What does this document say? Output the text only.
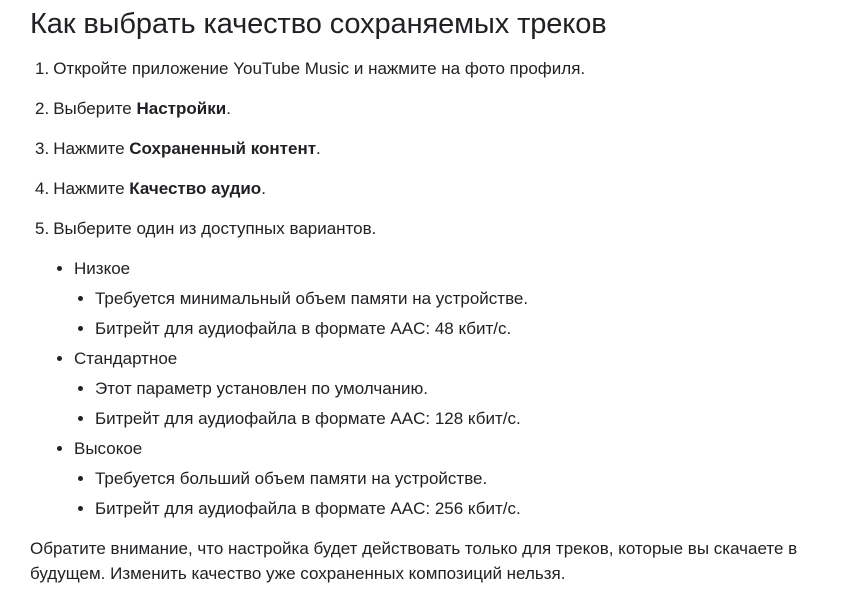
Как выбрать качество сохраняемых треков
1. Откройте приложение YouTube Music и нажмите на фото профиля.
2. Выберите Настройки.
3. Нажмите Сохраненный контент.
4. Нажмите Качество аудио.
5. Выберите один из доступных вариантов.
Низкое
Требуется минимальный объем памяти на устройстве.
Битрейт для аудиофайла в формате AAC: 48 кбит/с.
Стандартное
Этот параметр установлен по умолчанию.
Битрейт для аудиофайла в формате AAC: 128 кбит/с.
Высокое
Требуется больший объем памяти на устройстве.
Битрейт для аудиофайла в формате AAC: 256 кбит/с.

Обратите внимание, что настройка будет действовать только для треков, которые вы скачаете в будущем. Изменить качество уже сохраненных композиций нельзя.
